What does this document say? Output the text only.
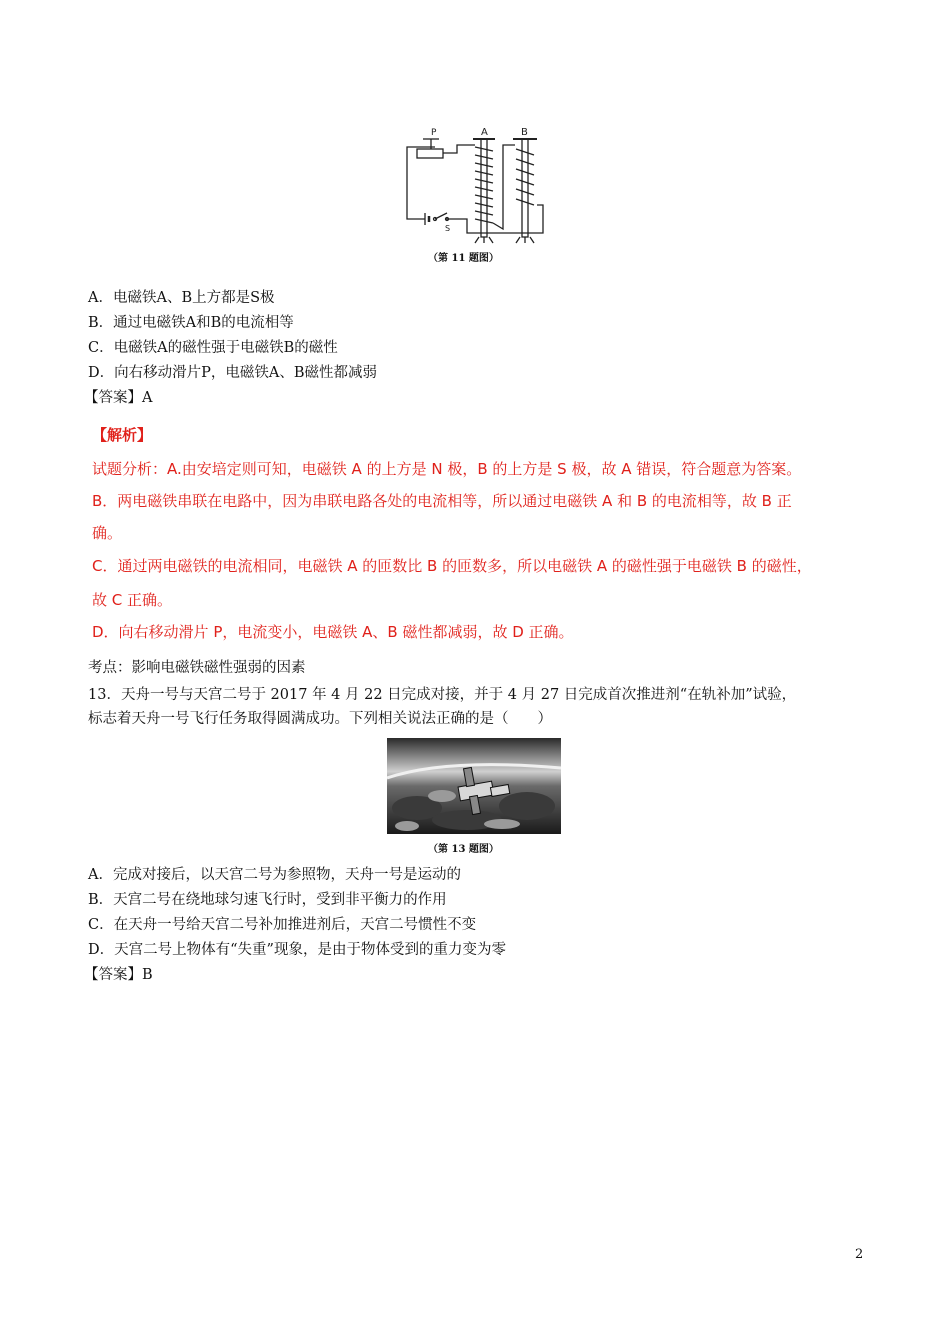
P	A	B
S
（第 11 题图）
A．电磁铁A、B上方都是S极
B．通过电磁铁A和B的电流相等
C．电磁铁A的磁性强于电磁铁B的磁性
D．向右移动滑片P，电磁铁A、B磁性都减弱
【答案】A
【解析】
试题分析：A.由安培定则可知，电磁铁 A 的上方是 N 极，B 的上方是 S 极，故 A 错误，符合题意为答案。
B．两电磁铁串联在电路中，因为串联电路各处的电流相等，所以通过电磁铁 A 和 B 的电流相等，故 B 正
确。
C．通过两电磁铁的电流相同，电磁铁 A 的匝数比 B 的匝数多，所以电磁铁 A 的磁性强于电磁铁 B 的磁性，
故 C 正确。
D．向右移动滑片 P，电流变小，电磁铁 A、B 磁性都减弱，故 D 正确。
考点：影响电磁铁磁性强弱的因素
13．天舟一号与天宫二号于 2017 年 4 月 22 日完成对接，并于 4 月 27 日完成首次推进剂“在轨补加”试验，
标志着天舟一号飞行任务取得圆满成功。下列相关说法正确的是（　　）
（第 13 题图）
A．完成对接后，以天宫二号为参照物，天舟一号是运动的
B．天宫二号在绕地球匀速飞行时，受到非平衡力的作用
C．在天舟一号给天宫二号补加推进剂后，天宫二号惯性不变
D．天宫二号上物体有“失重”现象，是由于物体受到的重力变为零
【答案】B
2
